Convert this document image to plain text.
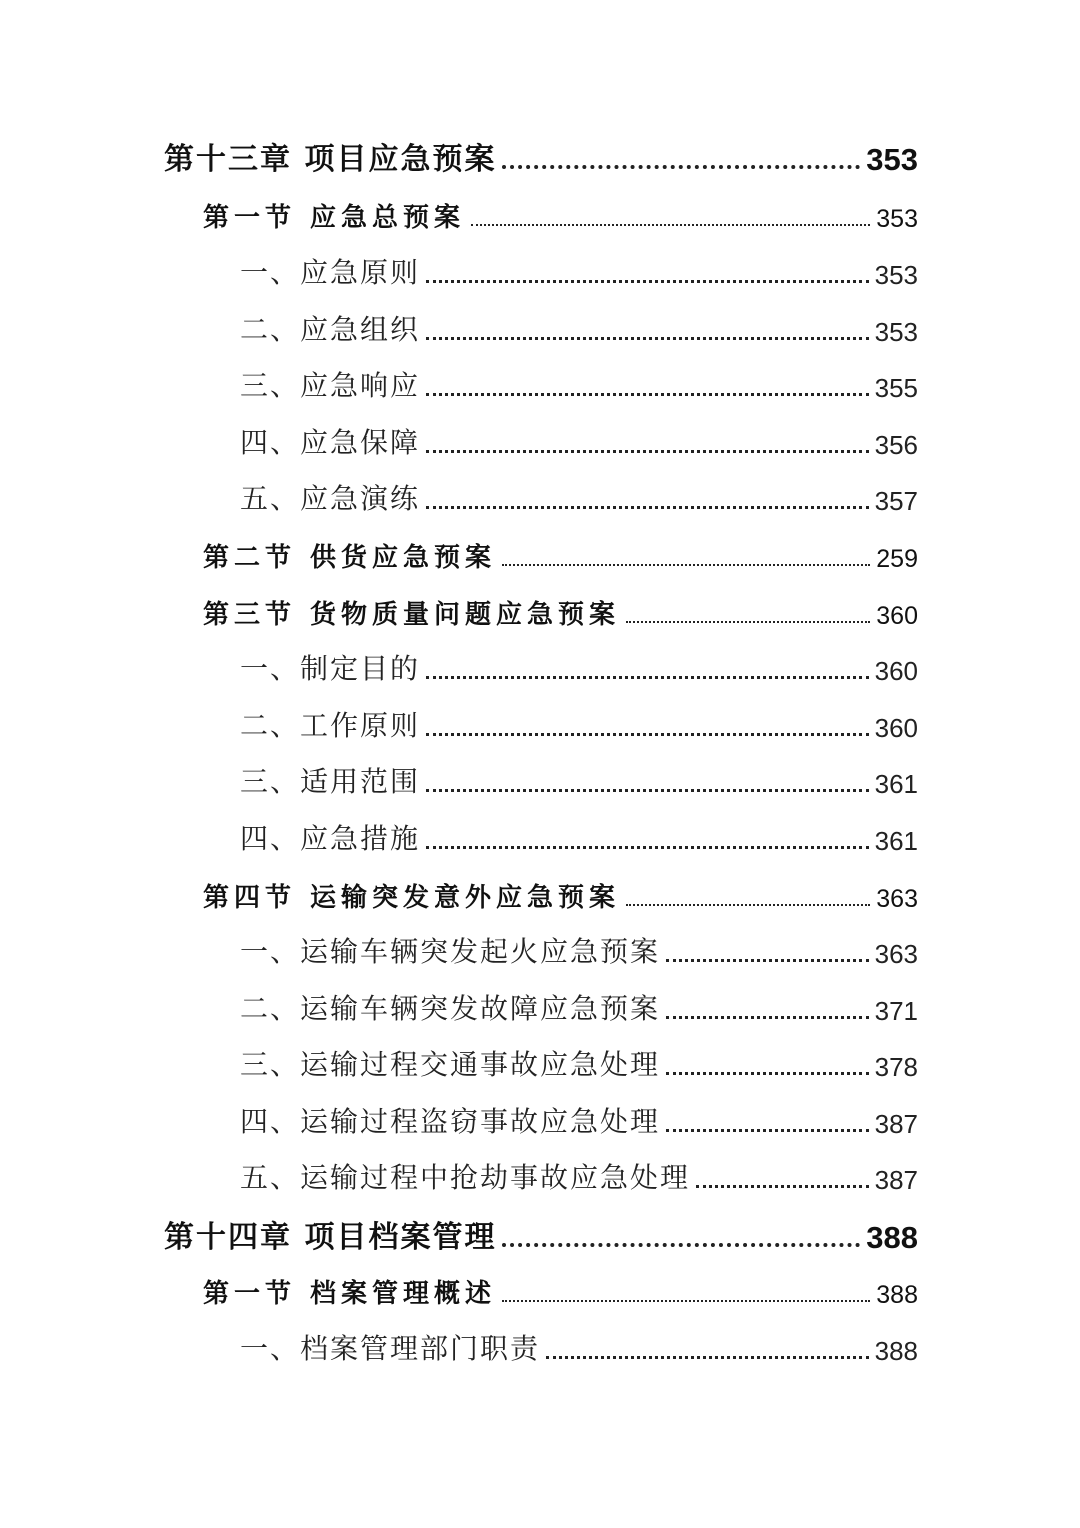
第十三章 项目应急预案	353
第一节 应急总预案	353
一、应急原则	353
二、应急组织	353
三、应急响应	355
四、应急保障	356
五、应急演练	357
第二节 供货应急预案	259
第三节 货物质量问题应急预案	360
一、制定目的	360
二、工作原则	360
三、适用范围	361
四、应急措施	361
第四节 运输突发意外应急预案	363
一、运输车辆突发起火应急预案	363
二、运输车辆突发故障应急预案	371
三、运输过程交通事故应急处理	378
四、运输过程盗窃事故应急处理	387
五、运输过程中抢劫事故应急处理	387
第十四章 项目档案管理	388
第一节 档案管理概述	388
一、档案管理部门职责	388
